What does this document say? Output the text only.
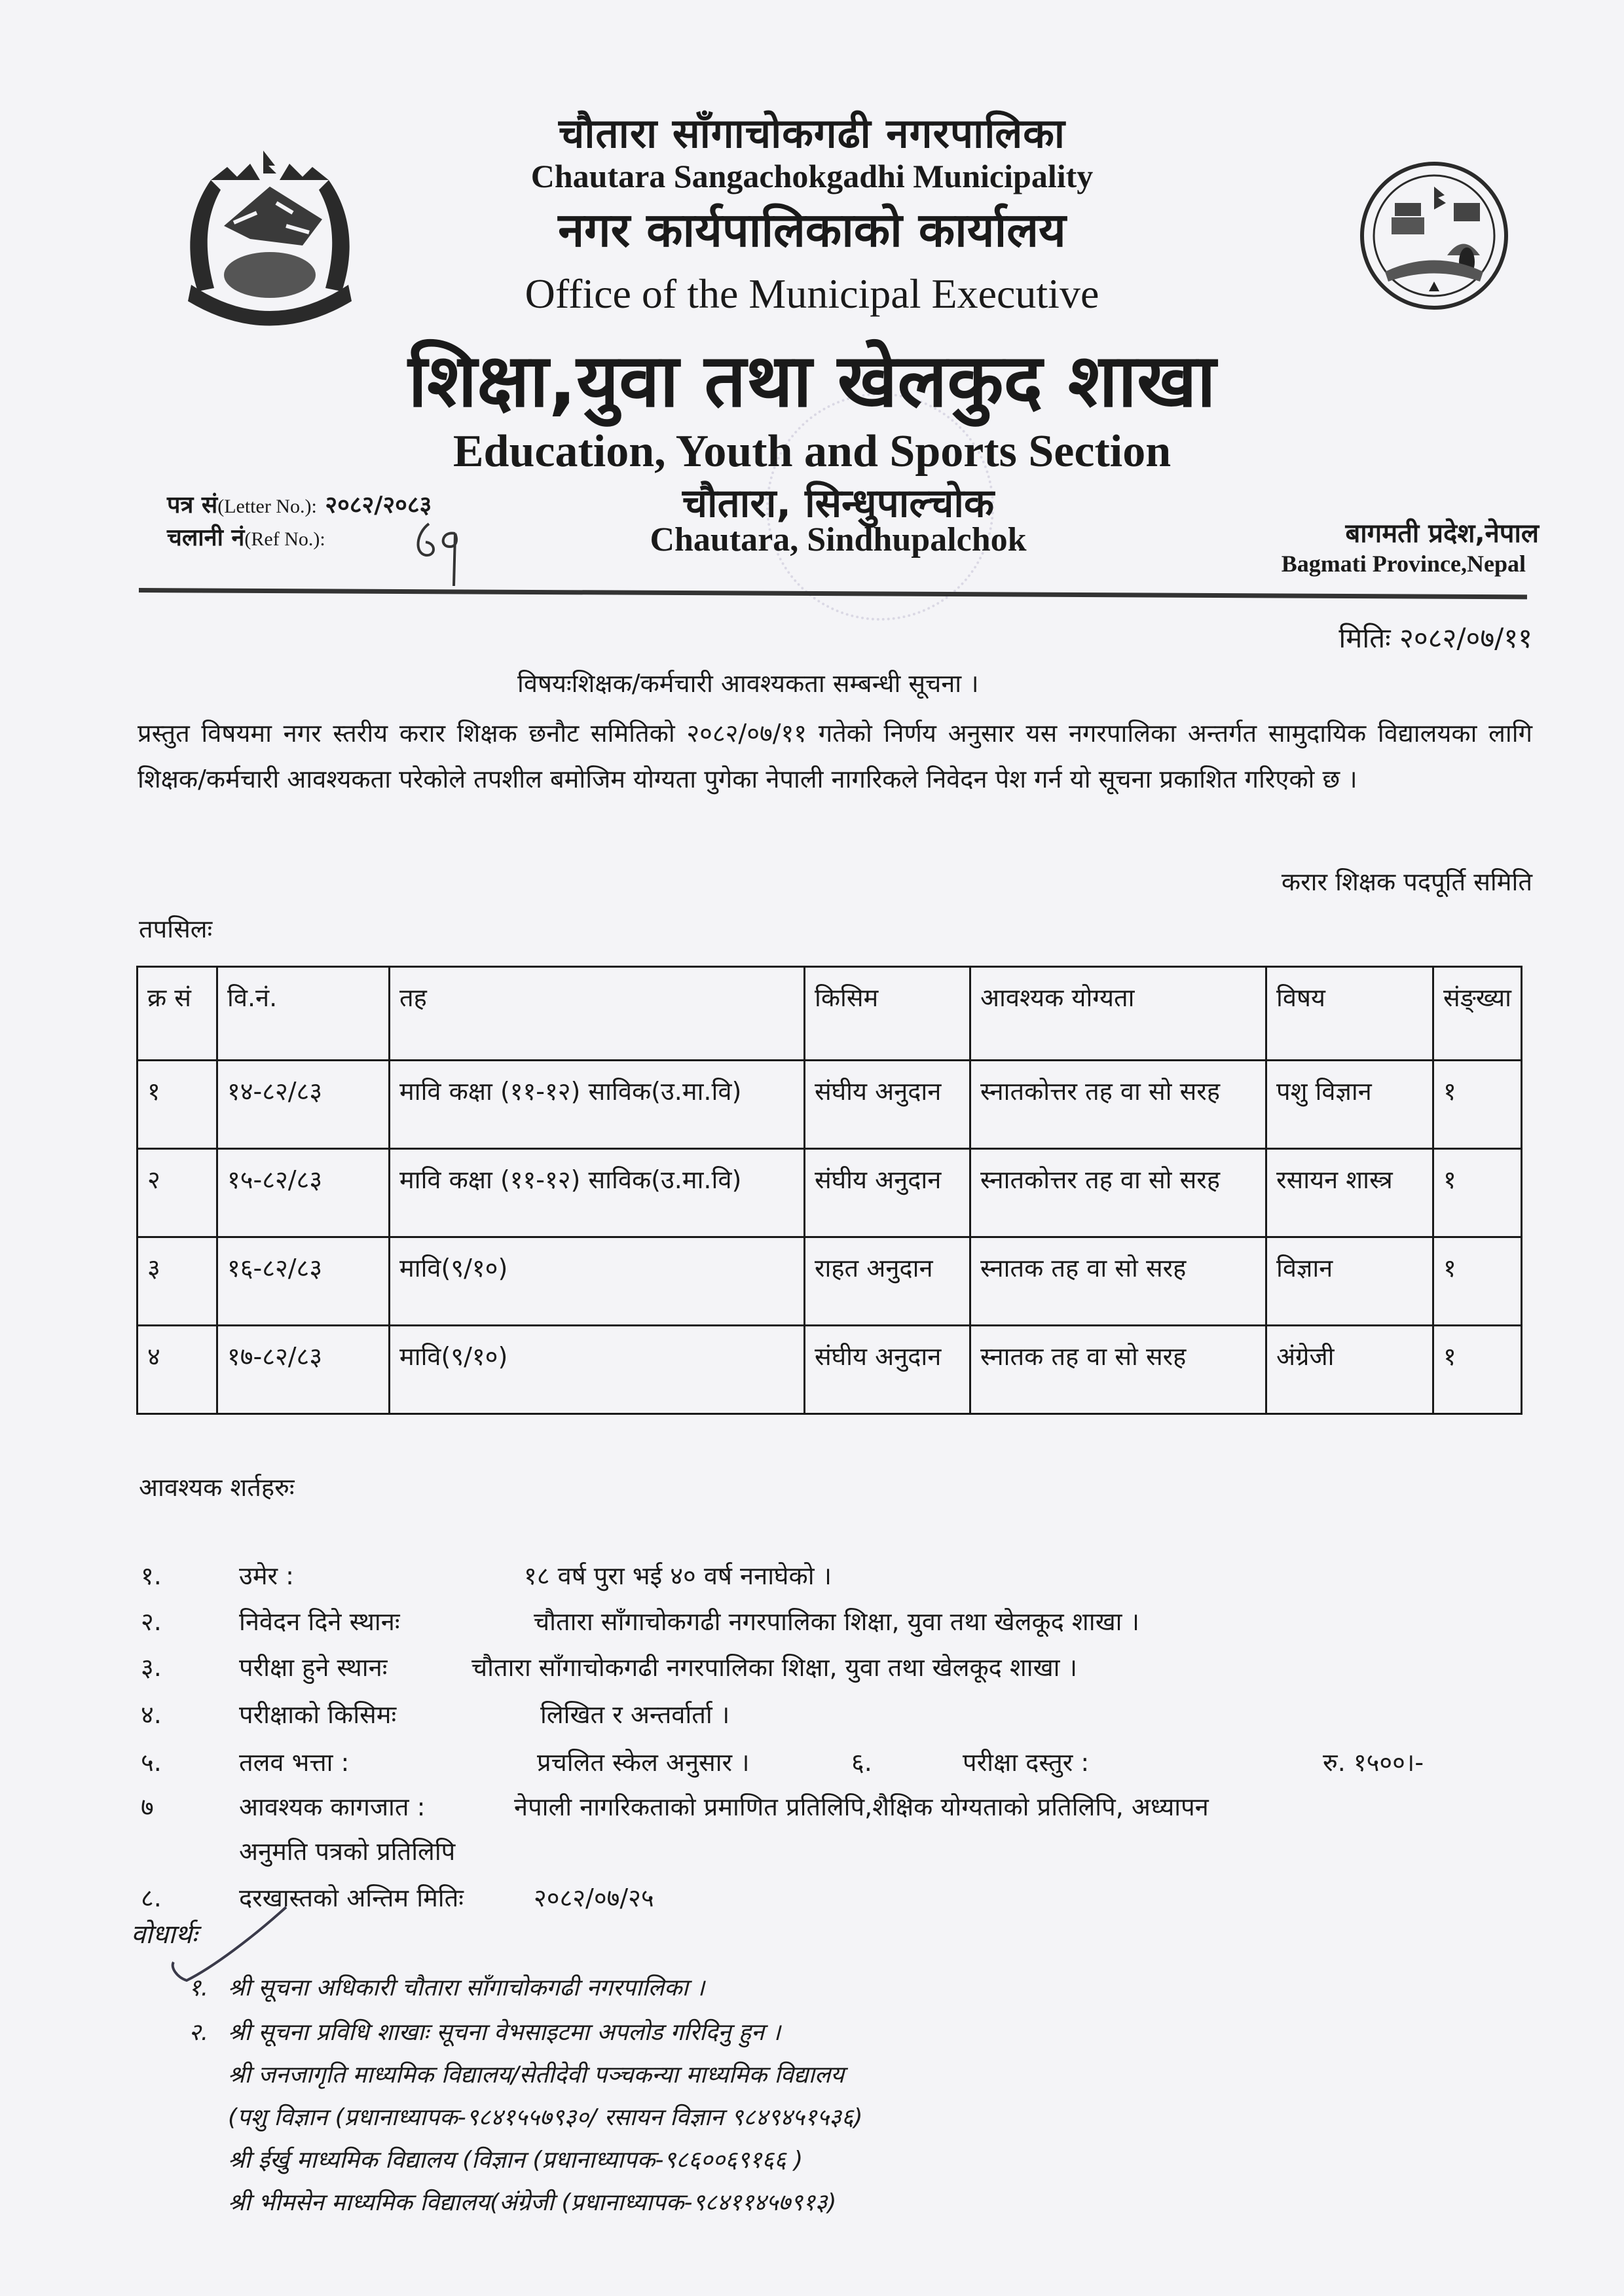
चौतारा साँगाचोकगढी नगरपालिका
Chautara Sangachokgadhi Municipality
नगर कार्यपालिकाको कार्यालय
Office of the Municipal Executive
शिक्षा,युवा तथा खेलकुद शाखा
Education, Youth and Sports Section
चौतारा, सिन्धुपाल्चोक
Chautara, Sindhupalchok
पत्र सं(Letter No.): २०८२/२०८३
चलानी नं(Ref No.):	बागमती प्रदेश,नेपाल
Bagmati Province,Nepal
मितिः २०८२/०७/११
विषयःशिक्षक/कर्मचारी आवश्यकता सम्बन्धी सूचना ।
प्रस्तुत विषयमा नगर स्तरीय करार शिक्षक छनौट समितिको २०८२/०७/११ गतेको निर्णय अनुसार यस नगरपालिका अन्तर्गत सामुदायिक विद्यालयका लागि शिक्षक/कर्मचारी आवश्यकता परेकोले तपशील बमोजिम योग्यता पुगेका नेपाली नागरिकले निवेदन पेश गर्न यो सूचना प्रकाशित गरिएको छ ।
करार शिक्षक पदपूर्ति समिति
तपसिलः
क्र सं	वि.नं.	तह	किसिम	आवश्यक योग्यता	विषय	संङ्ख्या
१	१४-८२/८३	मावि कक्षा (११-१२) साविक(उ.मा.वि)	संघीय अनुदान	स्नातकोत्तर तह वा सो सरह	पशु विज्ञान	१
२	१५-८२/८३	मावि कक्षा (११-१२) साविक(उ.मा.वि)	संघीय अनुदान	स्नातकोत्तर तह वा सो सरह	रसायन शास्त्र	१
३	१६-८२/८३	मावि(९/१०)	राहत अनुदान	स्नातक तह वा सो सरह	विज्ञान	१
४	१७-८२/८३	मावि(९/१०)	संघीय अनुदान	स्नातक तह वा सो सरह	अंग्रेजी	१
आवश्यक शर्तहरुः
१.	उमेर :	१८ वर्ष पुरा भई ४० वर्ष ननाघेको ।
२.	निवेदन दिने स्थानः	चौतारा साँगाचोकगढी नगरपालिका शिक्षा, युवा तथा खेलकूद शाखा ।
३.	परीक्षा हुने स्थानः	चौतारा साँगाचोकगढी नगरपालिका शिक्षा, युवा तथा खेलकूद शाखा ।
४.	परीक्षाको किसिमः	लिखित र अन्तर्वार्ता ।
५.	तलव भत्ता :	प्रचलित स्केल अनुसार ।	६.	परीक्षा दस्तुर :	रु. १५००।-
७	आवश्यक कागजात :	नेपाली नागरिकताको प्रमाणित प्रतिलिपि,शैक्षिक योग्यताको प्रतिलिपि, अध्यापन
अनुमति पत्रको प्रतिलिपि
८.	दरखास्तको अन्तिम मितिः	२०८२/०७/२५
वोधार्थः
१. श्री सूचना अधिकारी चौतारा साँगाचोकगढी नगरपालिका ।
२. श्री सूचना प्रविधि शाखाः सूचना वेभसाइटमा अपलोड गरिदिनु हुन ।
श्री जनजागृति माध्यमिक विद्यालय/सेतीदेवी पञ्चकन्या माध्यमिक विद्यालय
(पशु विज्ञान (प्रधानाध्यापक-९८४१५५७९३०/ रसायन विज्ञान ९८४९४५१५३६)
श्री ईर्खु माध्यमिक विद्यालय (विज्ञान (प्रधानाध्यापक-९८६००६९१६६ )
श्री भीमसेन माध्यमिक विद्यालय(अंग्रेजी (प्रधानाध्यापक-९८४११४५७९१३)
